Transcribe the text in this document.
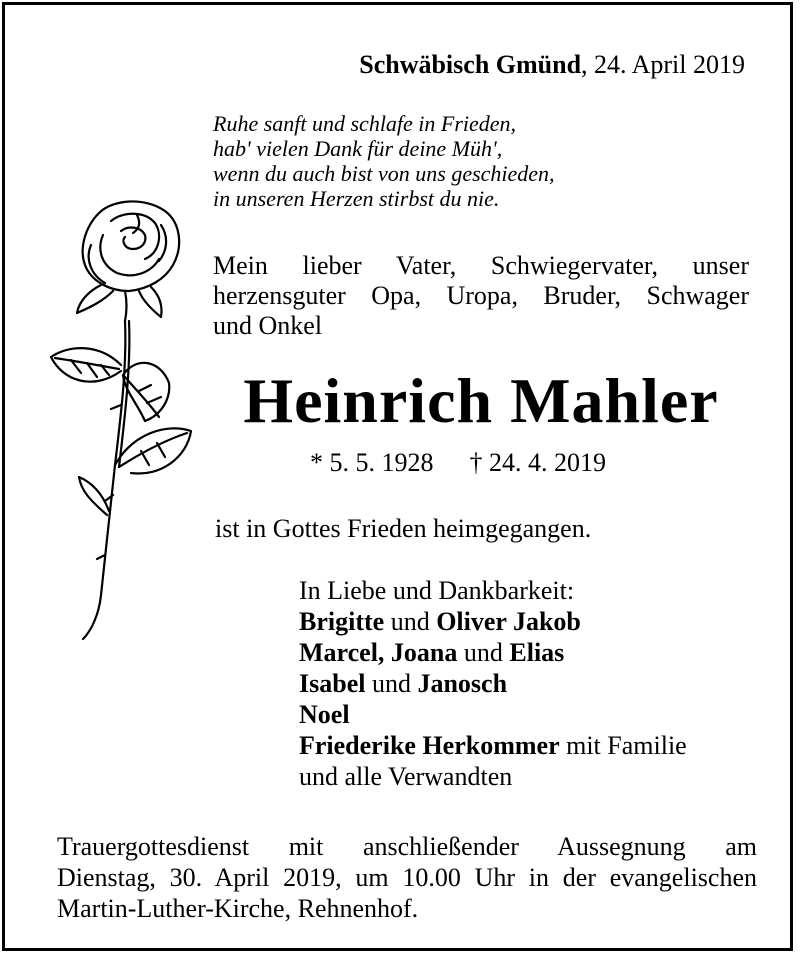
Schwäbisch Gmünd, 24. April 2019
Ruhe sanft und schlafe in Frieden,
hab' vielen Dank für deine Müh',
wenn du auch bist von uns geschieden,
in unseren Herzen stirbst du nie.
Mein lieber Vater, Schwiegervater, unser
herzensguter Opa, Uropa, Bruder, Schwager
und Onkel
Heinrich Mahler
* 5. 5. 1928 † 24. 4. 2019
ist in Gottes Frieden heimgegangen.
In Liebe und Dankbarkeit:
Brigitte und Oliver Jakob
Marcel, Joana und Elias
Isabel und Janosch
Noel
Friederike Herkommer mit Familie
und alle Verwandten
Trauergottesdienst mit anschließender Aussegnung am
Dienstag, 30. April 2019, um 10.00 Uhr in der evangelischen
Martin-Luther-Kirche, Rehnenhof.
